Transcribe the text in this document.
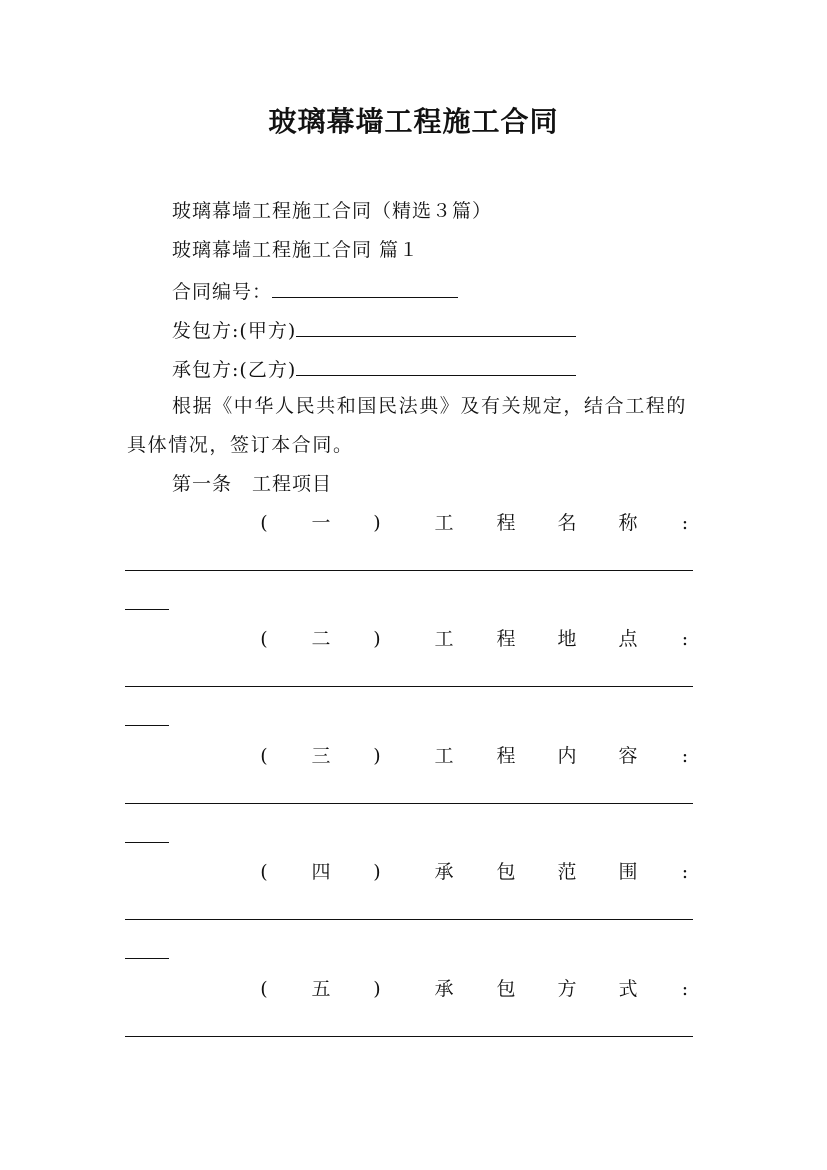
玻璃幕墙工程施工合同
玻璃幕墙工程施工合同（精选３篇）
玻璃幕墙工程施工合同 篇１
合同编号：
发包方:(甲方)
承包方:(乙方)
根据《中华人民共和国民法典》及有关规定，结合工程的具体情况，签订本合同。
第一条　工程项目
( 一 )	工 程 名 称 :
( 二 )	工 程 地 点 :
( 三 )	工 程 内 容 :
( 四 )	承 包 范 围 :
( 五 )	承 包 方 式 :
